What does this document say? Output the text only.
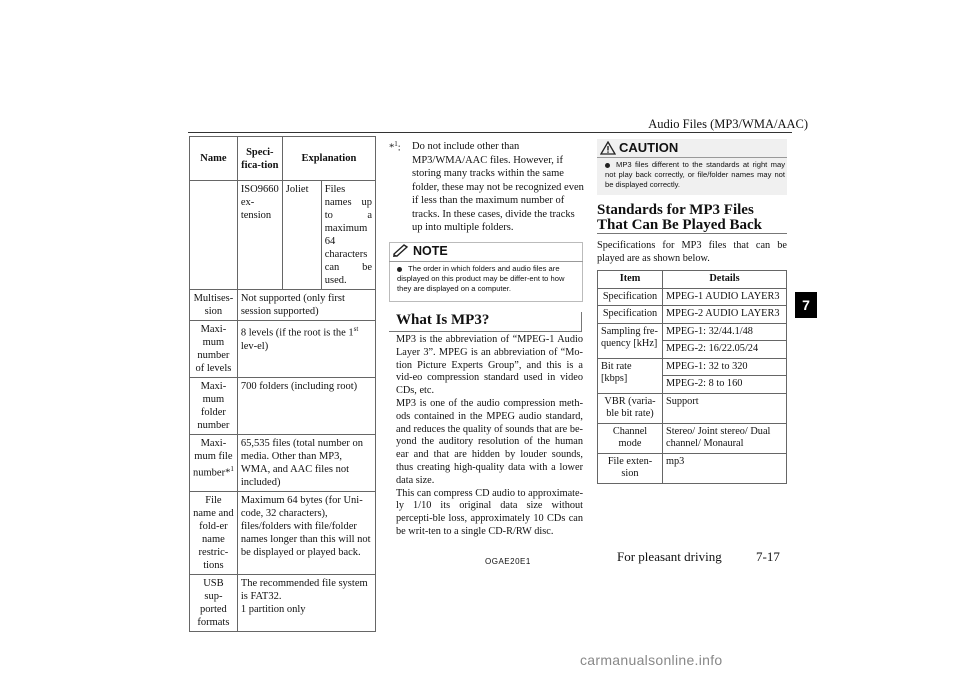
Audio Files (MP3/WMA/AAC)
7
Name	Speci-fica-tion	Explanation	
	ISO9660 ex-tension	Joliet	Files names up to a maximum 64 characters can be used.
Multises-sion	Not supported (only first session supported)		
Maxi-mum number of levels	8 levels (if the root is the 1st lev-el)		
Maxi-mum folder number	700 folders (including root)		
Maxi-mum file number*$^1$	65,535 files (total number on media. Other than MP3, WMA, and AAC files not included)		
File name and fold-er name restric-tions	Maximum 64 bytes (for Uni-code, 32 characters), files/folders with file/folder names longer than this will not be displayed or played back.		
USB sup-ported formats	The recommended file system is FAT32.
1 partition only		
*$^1$: Do not include other than MP3/WMA/AAC files. However, if storing many tracks within the same folder, these may not be recognized even if less than the maximum number of tracks. In these cases, divide the tracks up into multiple folders.
NOTE
The order in which folders and audio files are displayed on this product may be differ-ent to how they are displayed on a computer.
What Is MP3?
MP3 is the abbreviation of “MPEG-1 Audio Layer 3”. MPEG is an abbreviation of “Mo-tion Picture Experts Group”, and this is a vid-eo compression standard used in video CDs, etc.
MP3 is one of the audio compression meth-ods contained in the MPEG audio standard, and reduces the quality of sounds that are be-yond the auditory resolution of the human ear and that are hidden by louder sounds, thus creating high-quality data with a lower data size.
This can compress CD audio to approximate-ly 1/10 its original data size without percepti-ble loss, approximately 10 CDs can be writ-ten to a single CD-R/RW disc.
CAUTION
MP3 files different to the standards at right may not play back correctly, or file/folder names may not be displayed correctly.
Standards for MP3 Files That Can Be Played Back
Specifications for MP3 files that can be played are as shown below.
Item	Details
Specification	MPEG-1 AUDIO LAYER3
Specification	MPEG-2 AUDIO LAYER3
Sampling fre-quency [kHz]	MPEG-1: 32/44.1/48
	MPEG-2: 16/22.05/24
Bit rate [kbps]	MPEG-1: 32 to 320
	MPEG-2: 8 to 160
VBR (varia-ble bit rate)	Support
Channel mode	Stereo/ Joint stereo/ Dual channel/ Monaural
File exten-sion	mp3
OGAE20E1	For pleasant driving	7-17
carmanualsonline.info
